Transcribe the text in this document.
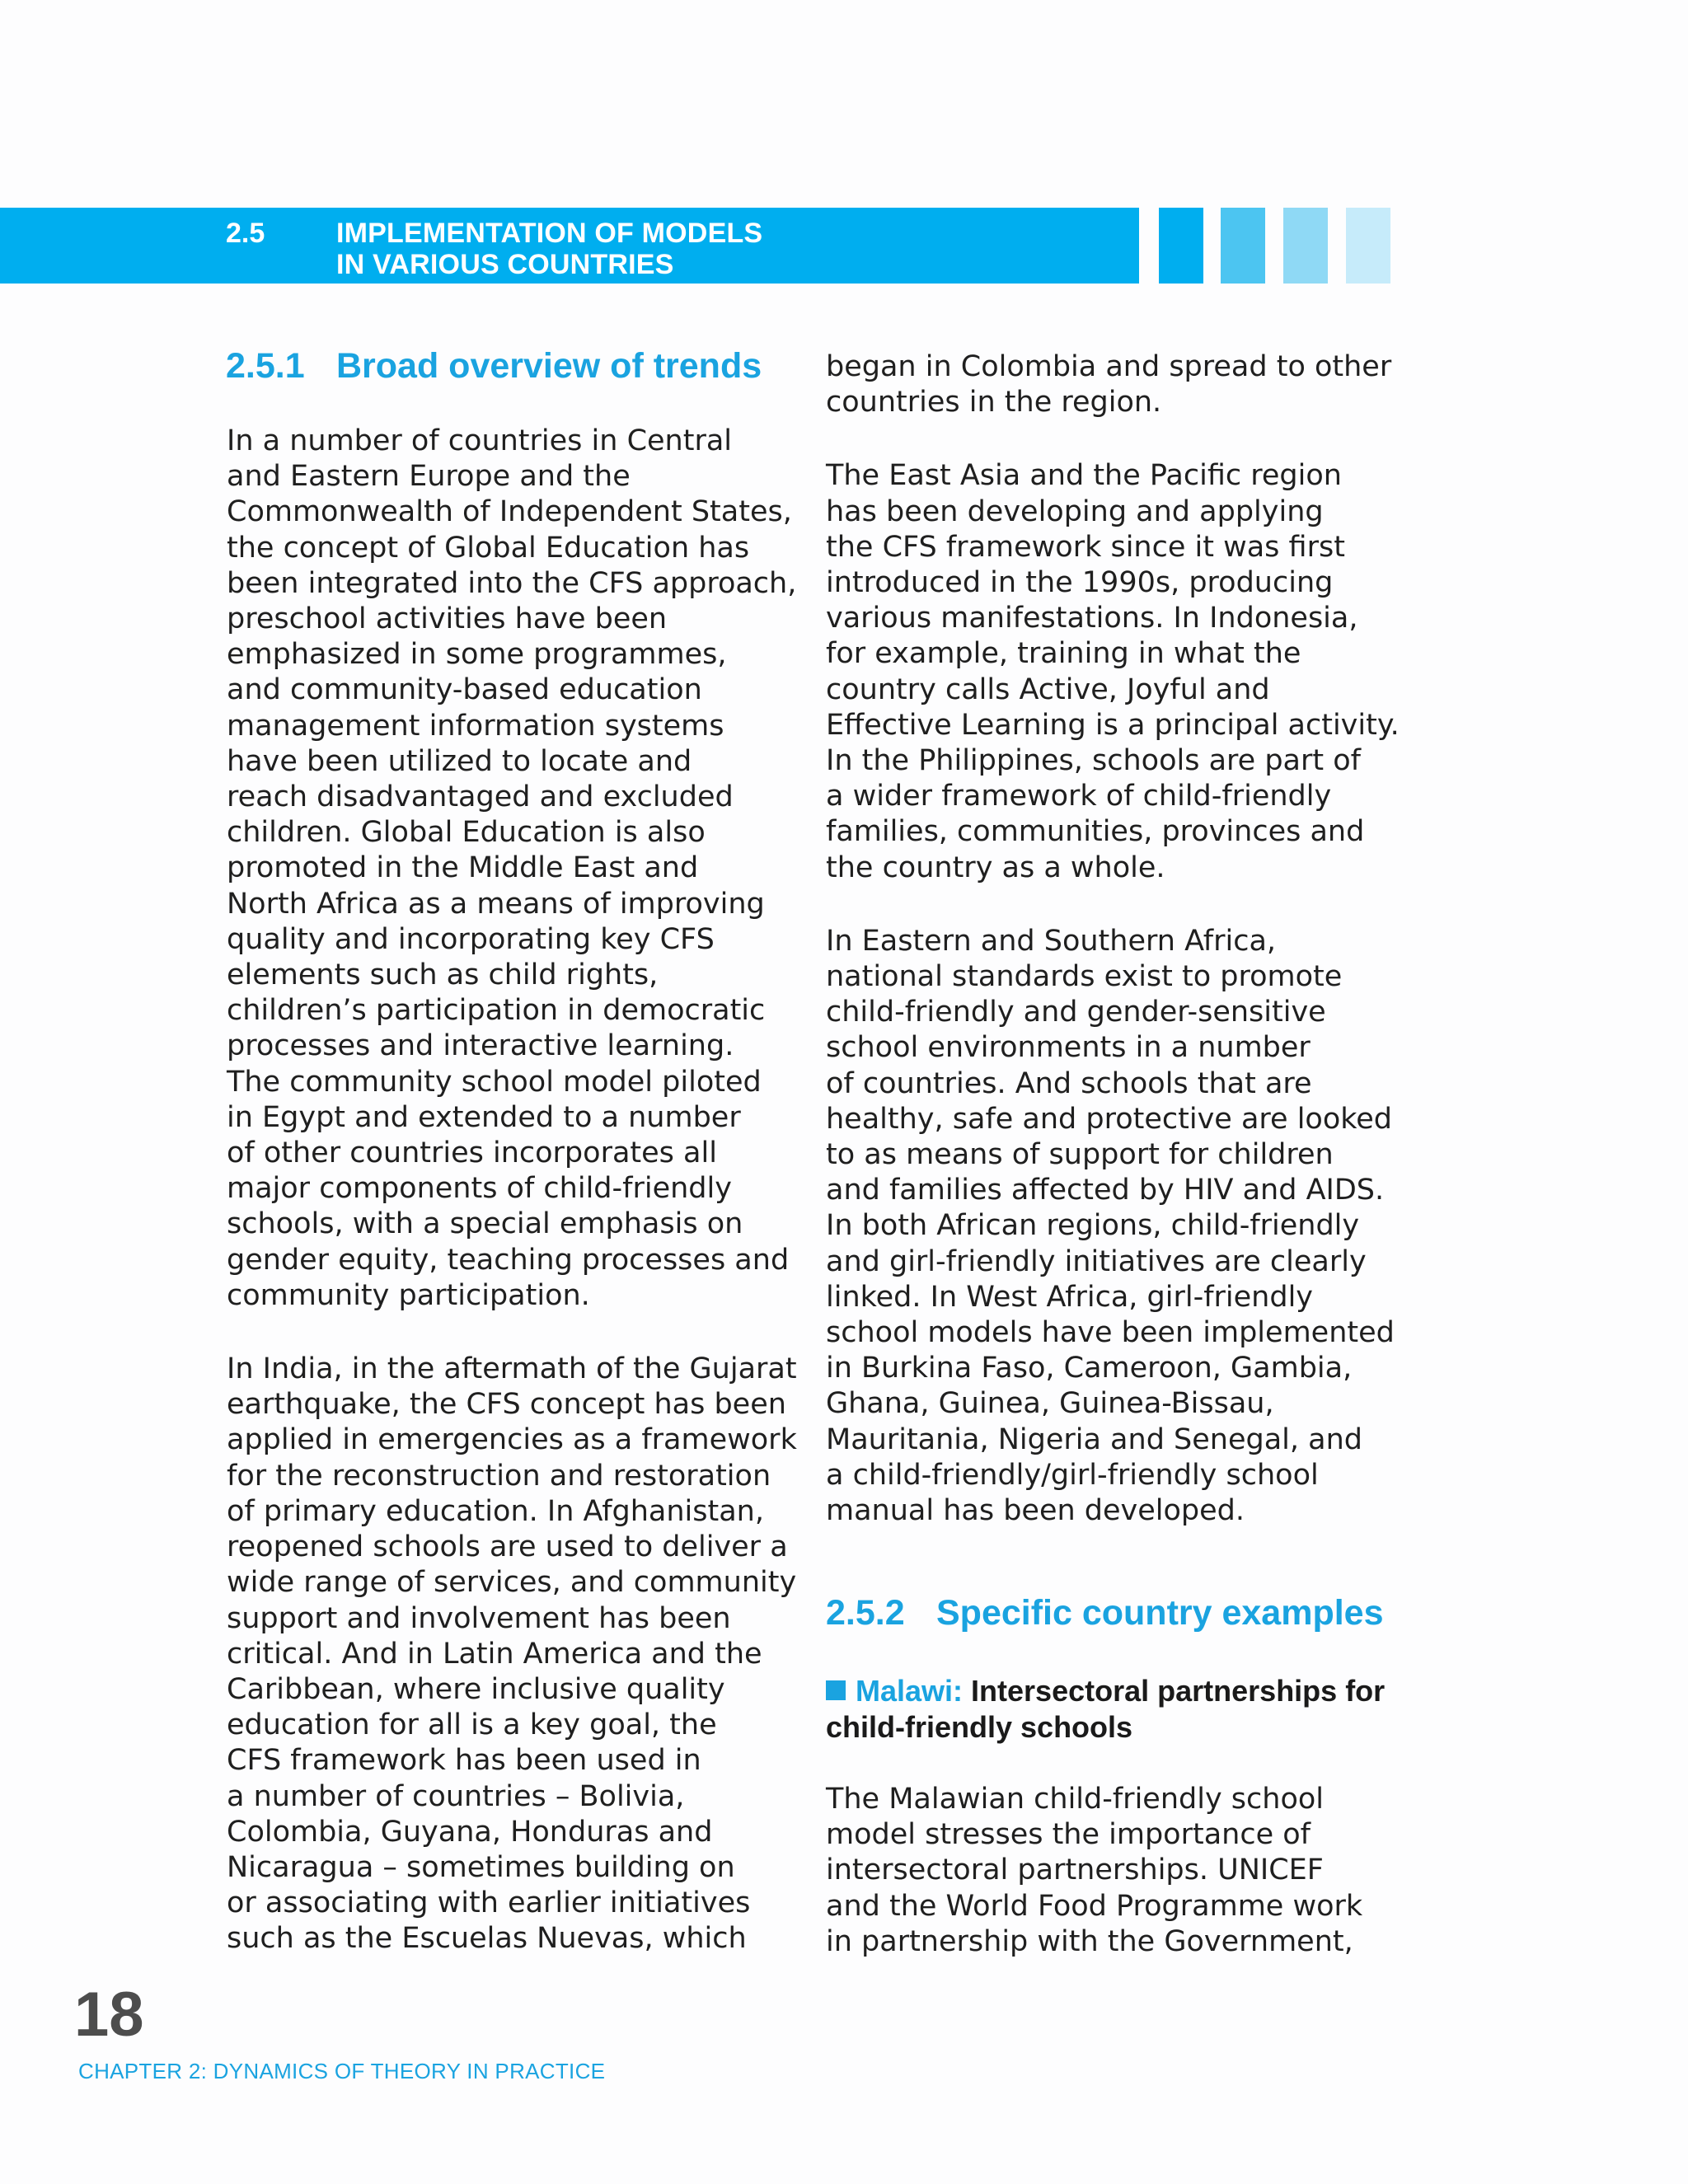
2.5	IMPLEMENTATION OF MODELS
IN VARIOUS COUNTRIES
2.5.1 Broad overview of trends

In a number of countries in Central
and Eastern Europe and the
Commonwealth of Independent States,
the concept of Global Education has
been integrated into the CFS approach,
preschool activities have been
emphasized in some programmes,
and community-based education
management information systems
have been utilized to locate and
reach disadvantaged and excluded
children. Global Education is also
promoted in the Middle East and
North Africa as a means of improving
quality and incorporating key CFS
elements such as child rights,
children’s participation in democratic
processes and interactive learning.
The community school model piloted
in Egypt and extended to a number
of other countries incorporates all
major components of child-friendly
schools, with a special emphasis on
gender equity, teaching processes and
community participation.

In India, in the aftermath of the Gujarat
earthquake, the CFS concept has been
applied in emergencies as a framework
for the reconstruction and restoration
of primary education. In Afghanistan,
reopened schools are used to deliver a
wide range of services, and community
support and involvement has been
critical. And in Latin America and the
Caribbean, where inclusive quality
education for all is a key goal, the
CFS framework has been used in
a number of countries – Bolivia,
Colombia, Guyana, Honduras and
Nicaragua – sometimes building on
or associating with earlier initiatives
such as the Escuelas Nuevas, which

began in Colombia and spread to other
countries in the region.

The East Asia and the Pacific region
has been developing and applying
the CFS framework since it was first
introduced in the 1990s, producing
various manifestations. In Indonesia,
for example, training in what the
country calls Active, Joyful and
Effective Learning is a principal activity.
In the Philippines, schools are part of
a wider framework of child-friendly
families, communities, provinces and
the country as a whole.

In Eastern and Southern Africa,
national standards exist to promote
child-friendly and gender-sensitive
school environments in a number
of countries. And schools that are
healthy, safe and protective are looked
to as means of support for children
and families affected by HIV and AIDS.
In both African regions, child-friendly
and girl-friendly initiatives are clearly
linked. In West Africa, girl-friendly
school models have been implemented
in Burkina Faso, Cameroon, Gambia,
Ghana, Guinea, Guinea-Bissau,
Mauritania, Nigeria and Senegal, and
a child-friendly/girl-friendly school
manual has been developed.

2.5.2 Specific country examples
Malawi: Intersectoral partnerships for child-friendly schools

The Malawian child-friendly school
model stresses the importance of
intersectoral partnerships. UNICEF
and the World Food Programme work
in partnership with the Government,

18
CHAPTER 2: DYNAMICS OF THEORY IN PRACTICE
